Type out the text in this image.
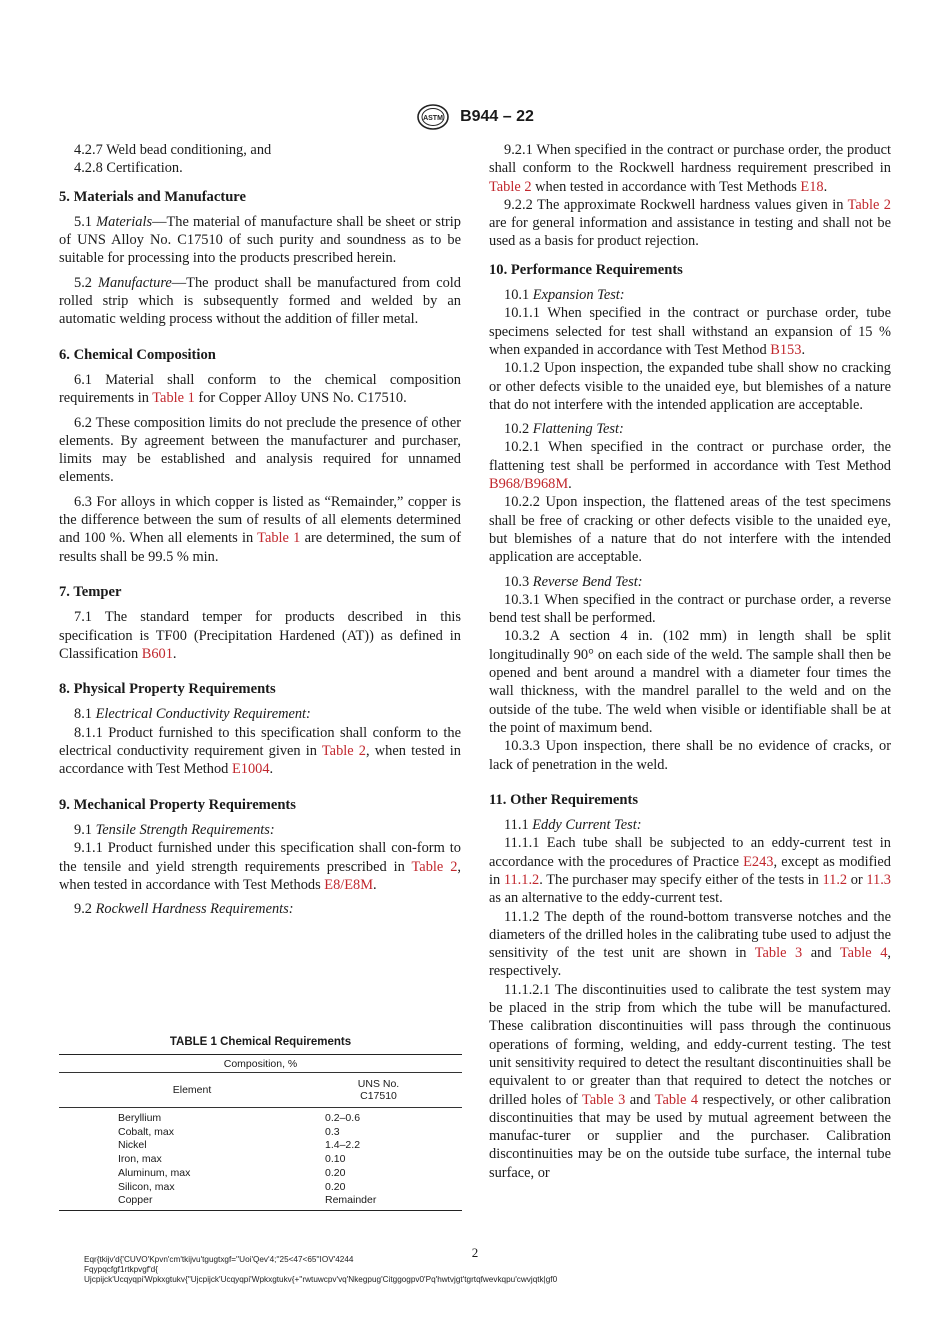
ASTM B944 – 22

4.2.7 Weld bead conditioning, and

4.2.8 Certification.

5. Materials and Manufacture

5.1 Materials—The material of manufacture shall be sheet or strip of UNS Alloy No. C17510 of such purity and soundness as to be suitable for processing into the products prescribed herein.

5.2 Manufacture—The product shall be manufactured from cold rolled strip which is subsequently formed and welded by an automatic welding process without the addition of filler metal.

6. Chemical Composition

6.1 Material shall conform to the chemical composition requirements in Table 1 for Copper Alloy UNS No. C17510.

6.2 These composition limits do not preclude the presence of other elements. By agreement between the manufacturer and purchaser, limits may be established and analysis required for unnamed elements.

6.3 For alloys in which copper is listed as “Remainder,” copper is the difference between the sum of results of all elements determined and 100 %. When all elements in Table 1 are determined, the sum of results shall be 99.5 % min.

7. Temper

7.1 The standard temper for products described in this specification is TF00 (Precipitation Hardened (AT)) as defined in Classification B601.

8. Physical Property Requirements

8.1 Electrical Conductivity Requirement:

8.1.1 Product furnished to this specification shall conform to the electrical conductivity requirement given in Table 2, when tested in accordance with Test Method E1004.

9. Mechanical Property Requirements

9.1 Tensile Strength Requirements:

9.1.1 Product furnished under this specification shall con-form to the tensile and yield strength requirements prescribed in Table 2, when tested in accordance with Test Methods E8/E8M.

9.2 Rockwell Hardness Requirements:

TABLE 1 Chemical Requirements
Composition, %
Element	UNS No.
C17510
Beryllium	0.2–0.6
Cobalt, max	0.3
Nickel	1.4–2.2
Iron, max	0.10
Aluminum, max	0.20
Silicon, max	0.20
Copper	Remainder

9.2.1 When specified in the contract or purchase order, the product shall conform to the Rockwell hardness requirement prescribed in Table 2 when tested in accordance with Test Methods E18.

9.2.2 The approximate Rockwell hardness values given in Table 2 are for general information and assistance in testing and shall not be used as a basis for product rejection.

10. Performance Requirements

10.1 Expansion Test:

10.1.1 When specified in the contract or purchase order, tube specimens selected for test shall withstand an expansion of 15 % when expanded in accordance with Test Method B153.

10.1.2 Upon inspection, the expanded tube shall show no cracking or other defects visible to the unaided eye, but blemishes of a nature that do not interfere with the intended application are acceptable.

10.2 Flattening Test:

10.2.1 When specified in the contract or purchase order, the flattening test shall be performed in accordance with Test Method B968/B968M.

10.2.2 Upon inspection, the flattened areas of the test specimens shall be free of cracking or other defects visible to the unaided eye, but blemishes of a nature that do not interfere with the intended application are acceptable.

10.3 Reverse Bend Test:

10.3.1 When specified in the contract or purchase order, a reverse bend test shall be performed.

10.3.2 A section 4 in. (102 mm) in length shall be split longitudinally 90° on each side of the weld. The sample shall then be opened and bent around a mandrel with a diameter four times the wall thickness, with the mandrel parallel to the weld and on the outside of the tube. The weld when visible or identifiable shall be at the point of maximum bend.

10.3.3 Upon inspection, there shall be no evidence of cracks, or lack of penetration in the weld.

11. Other Requirements

11.1 Eddy Current Test:

11.1.1 Each tube shall be subjected to an eddy-current test in accordance with the procedures of Practice E243, except as modified in 11.1.2. The purchaser may specify either of the tests in 11.2 or 11.3 as an alternative to the eddy-current test.

11.1.2 The depth of the round-bottom transverse notches and the diameters of the drilled holes in the calibrating tube used to adjust the sensitivity of the test unit are shown in Table 3 and Table 4, respectively.

11.1.2.1 The discontinuities used to calibrate the test system may be placed in the strip from which the tube will be manufactured. These calibration discontinuities will pass through the continuous operations of forming, welding, and eddy-current testing. The test unit sensitivity required to detect the resultant discontinuities shall be equivalent to or greater than that required to detect the notches or drilled holes of Table 3 and Table 4 respectively, or other calibration discontinuities that may be used by mutual agreement between the manufac-turer or supplier and the purchaser. Calibration discontinuities may be on the outside tube surface, the internal tube surface, or

2
Eqr{tkijv'd{'CUVO'Kpvn'cm'tkijvu'tgugtxgf=''Uoi'Qev'4;''25<47<65''IOV'4244
Fqypqcfgf1rtkpvgf'd{
Ujcpijck'Ucqyqpi'Wpkxgtukv{''Ujcpijck'Ucqyqpi'Wpkxgtukv{+''rwtuwcpv'vq'Nkegpug'Citggogpv0'Pq'hwtvjgt'tgrtqfwevkqpu'cwvjqtk|gf0
